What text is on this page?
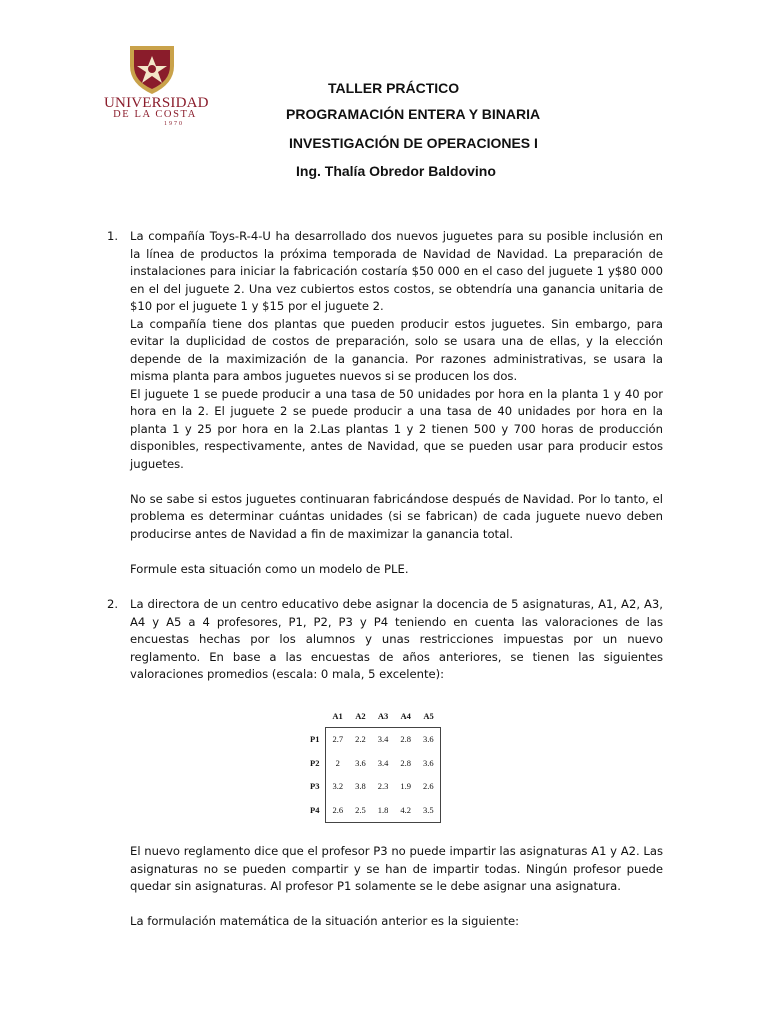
UNIVERSIDAD
DE LA COSTA
1970
TALLER PRÁCTICO
PROGRAMACIÓN ENTERA Y BINARIA
INVESTIGACIÓN DE OPERACIONES I
Ing. Thalía Obredor Baldovino
1. La compañía Toys-R-4-U ha desarrollado dos nuevos juguetes para su posible inclusión en la línea de productos la próxima temporada de Navidad de Navidad. La preparación de instalaciones para iniciar la fabricación costaría $50 000 en el caso del juguete 1 y$80 000 en el del juguete 2. Una vez cubiertos estos costos, se obtendría una ganancia unitaria de $10 por el juguete 1 y $15 por el juguete 2.

La compañía tiene dos plantas que pueden producir estos juguetes. Sin embargo, para evitar la duplicidad de costos de preparación, solo se usara una de ellas, y la elección depende de la maximización de la ganancia. Por razones administrativas, se usara la misma planta para ambos juguetes nuevos si se producen los dos.

El juguete 1 se puede producir a una tasa de 50 unidades por hora en la planta 1 y 40 por hora en la 2. El juguete 2 se puede producir a una tasa de 40 unidades por hora en la planta 1 y 25 por hora en la 2.Las plantas 1 y 2 tienen 500 y 700 horas de producción disponibles, respectivamente, antes de Navidad, que se pueden usar para producir estos juguetes.

No se sabe si estos juguetes continuaran fabricándose después de Navidad. Por lo tanto, el problema es determinar cuántas unidades (si se fabrican) de cada juguete nuevo deben producirse antes de Navidad a fin de maximizar la ganancia total.

Formule esta situación como un modelo de PLE.

2. La directora de un centro educativo debe asignar la docencia de 5 asignaturas, A1, A2, A3, A4 y A5 a 4 profesores, P1, P2, P3 y P4 teniendo en cuenta las valoraciones de las encuestas hechas por los alumnos y unas restricciones impuestas por un nuevo reglamento. En base a las encuestas de años anteriores, se tienen las siguientes valoraciones promedios (escala: 0 mala, 5 excelente):

	A1	A2	A3	A4	A5
P1	2.7	2.2	3.4	2.8	3.6
P2	2	3.6	3.4	2.8	3.6
P3	3.2	3.8	2.3	1.9	2.6
P4	2.6	2.5	1.8	4.2	3.5

El nuevo reglamento dice que el profesor P3 no puede impartir las asignaturas A1 y A2. Las asignaturas no se pueden compartir y se han de impartir todas. Ningún profesor puede quedar sin asignaturas. Al profesor P1 solamente se le debe asignar una asignatura.

La formulación matemática de la situación anterior es la siguiente:
